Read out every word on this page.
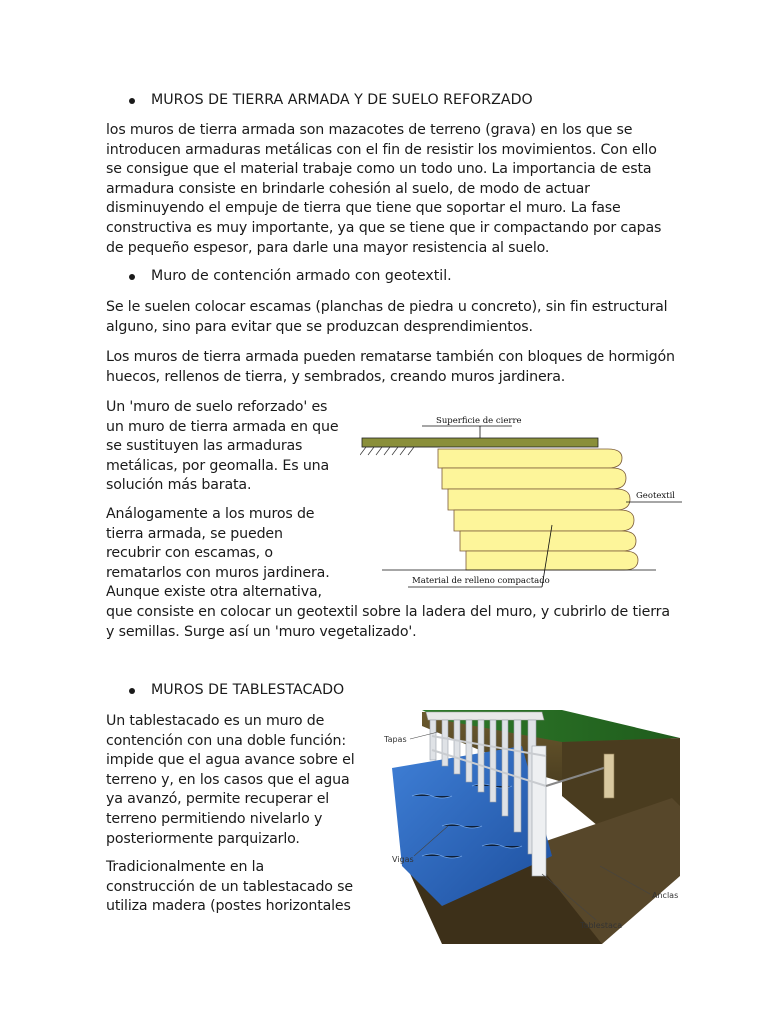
MUROS DE TIERRA ARMADA Y DE SUELO REFORZADO
los muros de tierra armada son mazacotes de terreno (grava) en los que se
introducen armaduras metálicas con el fin de resistir los movimientos. Con ello
se consigue que el material trabaje como un todo uno. La importancia de esta
armadura consiste en brindarle cohesión al suelo, de modo de actuar
disminuyendo el empuje de tierra que tiene que soportar el muro. La fase
constructiva es muy importante, ya que se tiene que ir compactando por capas
de pequeño espesor, para darle una mayor resistencia al suelo.
Muro de contención armado con geotextil.
Se le suelen colocar escamas (planchas de piedra u concreto), sin fin estructural
alguno, sino para evitar que se produzcan desprendimientos.
Los muros de tierra armada pueden rematarse también con bloques de hormigón
huecos, rellenos de tierra, y sembrados, creando muros jardinera.
Un 'muro de suelo reforzado' es
un muro de tierra armada en que
se sustituyen las armaduras
metálicas, por geomalla. Es una
solución más barata.
Análogamente a los muros de
tierra armada, se pueden
recubrir con escamas, o
rematarlos con muros jardinera.
Aunque existe otra alternativa,
que consiste en colocar un geotextil sobre la ladera del muro, y cubrirlo de tierra
y semillas. Surge así un 'muro vegetalizado'.
Superficie de cierre
Geotextil
Material de relleno compactado
MUROS DE TABLESTACADO
Un tablestacado es un muro de
contención con una doble función:
impide que el agua avance sobre el
terreno y, en los casos que el agua
ya avanzó, permite recuperar el
terreno permitiendo nivelarlo y
posteriormente parquizarlo.
Tradicionalmente en la
construcción de un tablestacado se
utiliza madera (postes horizontales
Tapas
Vigas
Anclas
Tablestaca
